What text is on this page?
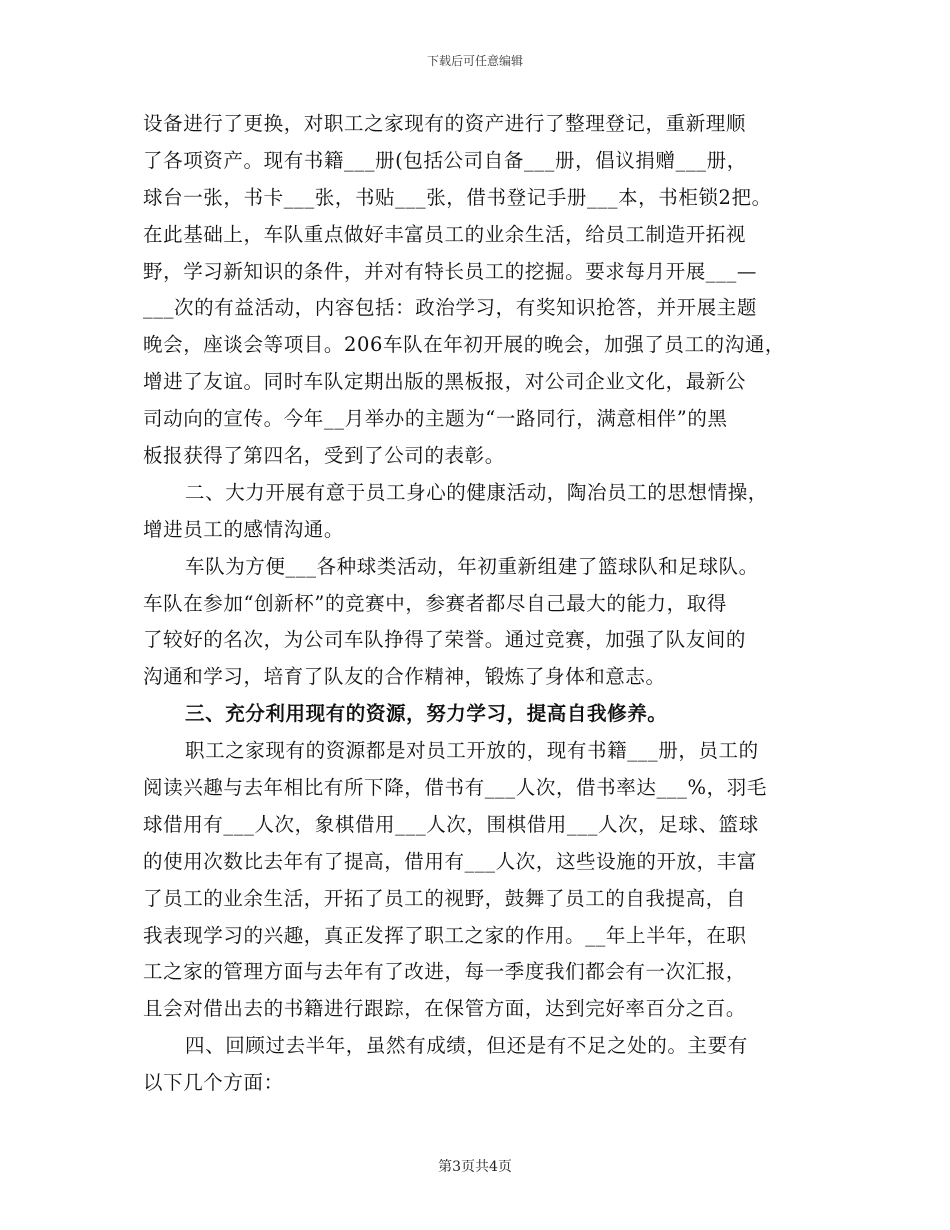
下载后可任意编辑
设备进行了更换，对职工之家现有的资产进行了整理登记，重新理顺
了各项资产。现有书籍___册(包括公司自备___册，倡议捐赠___册，
球台一张，书卡___张，书贴___张，借书登记手册___本，书柜锁2把。
在此基础上，车队重点做好丰富员工的业余生活，给员工制造开拓视
野，学习新知识的条件，并对有特长员工的挖掘。要求每月开展___—
___次的有益活动，内容包括：政治学习，有奖知识抢答，并开展主题
晚会，座谈会等项目。206车队在年初开展的晚会，加强了员工的沟通，
增进了友谊。同时车队定期出版的黑板报，对公司企业文化，最新公
司动向的宣传。今年__月举办的主题为“一路同行，满意相伴”的黑
板报获得了第四名，受到了公司的表彰。
二、大力开展有意于员工身心的健康活动，陶冶员工的思想情操，
增进员工的感情沟通。
车队为方便___各种球类活动，年初重新组建了篮球队和足球队。
车队在参加“创新杯”的竞赛中，参赛者都尽自己最大的能力，取得
了较好的名次，为公司车队挣得了荣誉。通过竞赛，加强了队友间的
沟通和学习，培育了队友的合作精神，锻炼了身体和意志。
三、充分利用现有的资源，努力学习，提高自我修养。
职工之家现有的资源都是对员工开放的，现有书籍___册，员工的
阅读兴趣与去年相比有所下降，借书有___人次，借书率达___%，羽毛
球借用有___人次，象棋借用___人次，围棋借用___人次，足球、篮球
的使用次数比去年有了提高，借用有___人次，这些设施的开放，丰富
了员工的业余生活，开拓了员工的视野，鼓舞了员工的自我提高，自
我表现学习的兴趣，真正发挥了职工之家的作用。__年上半年，在职
工之家的管理方面与去年有了改进，每一季度我们都会有一次汇报，
且会对借出去的书籍进行跟踪，在保管方面，达到完好率百分之百。
四、回顾过去半年，虽然有成绩，但还是有不足之处的。主要有
以下几个方面：
第3页共4页
